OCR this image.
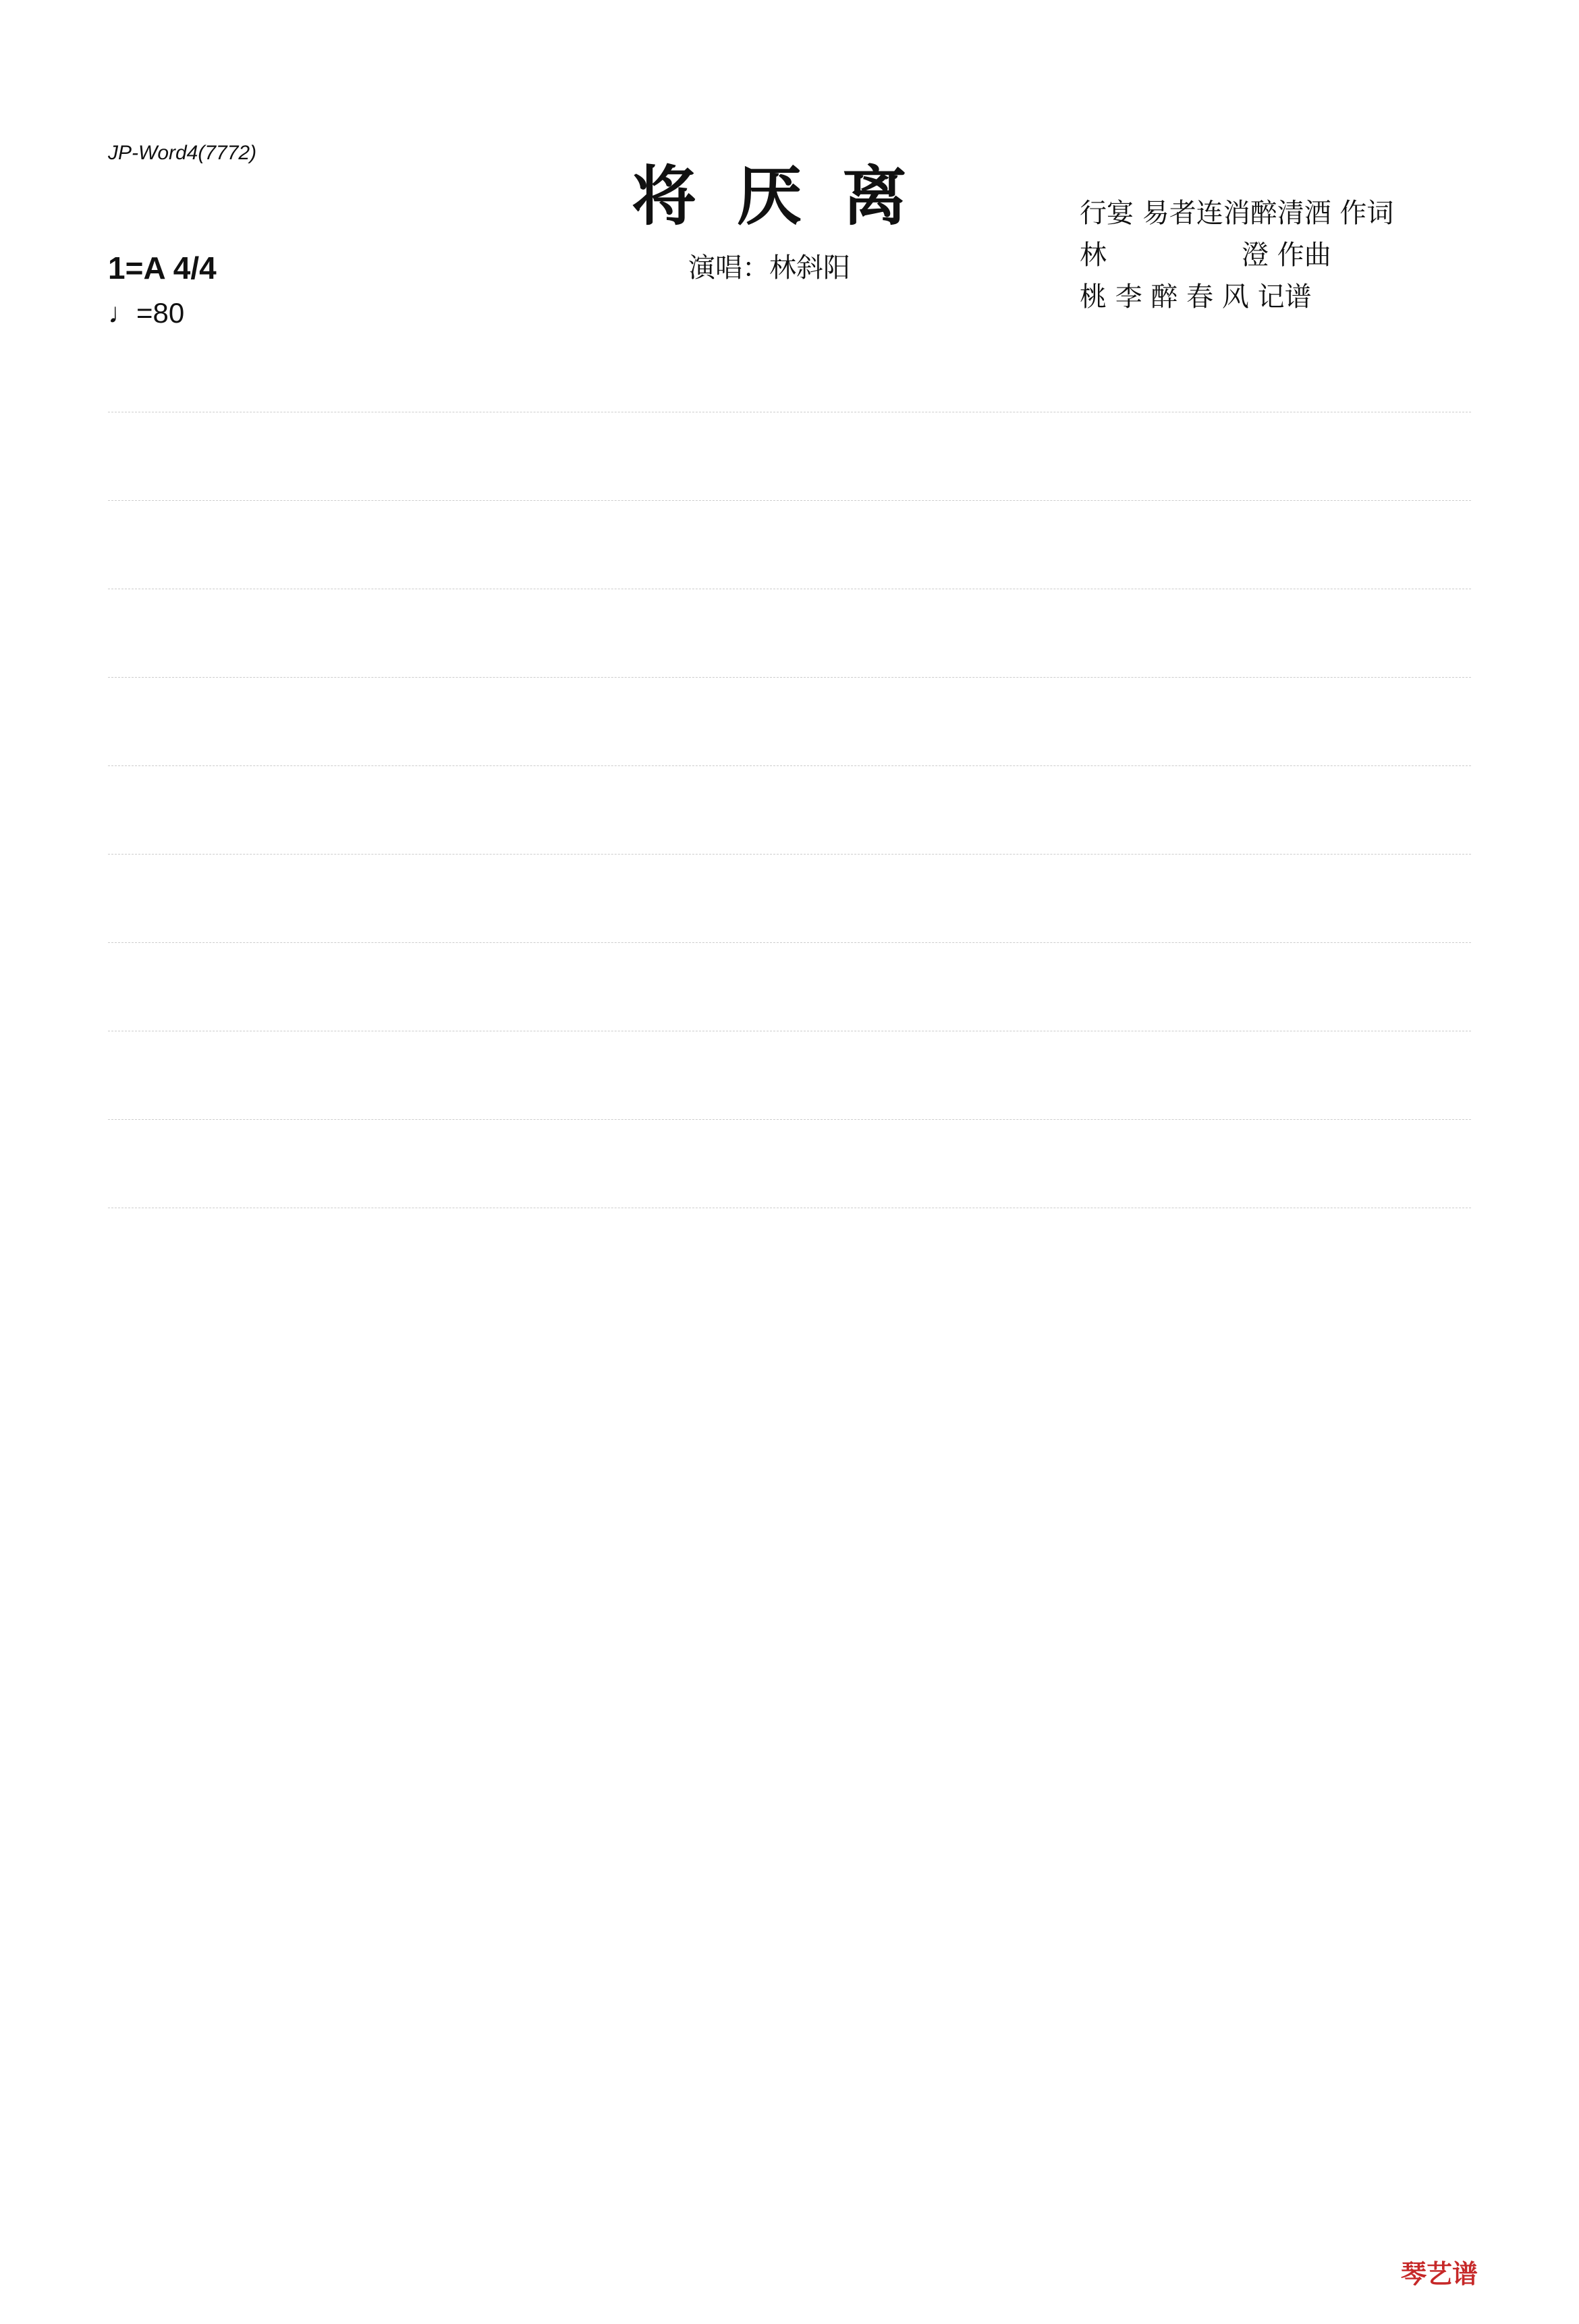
JP-Word4(7772)
将厌离
演唱：林斜阳
行宴 易者连消醉清酒 作词
林　　　　　澄 作曲
桃 李 醉 春 风 记谱
1=A 4/4
♩=80
琴艺谱
